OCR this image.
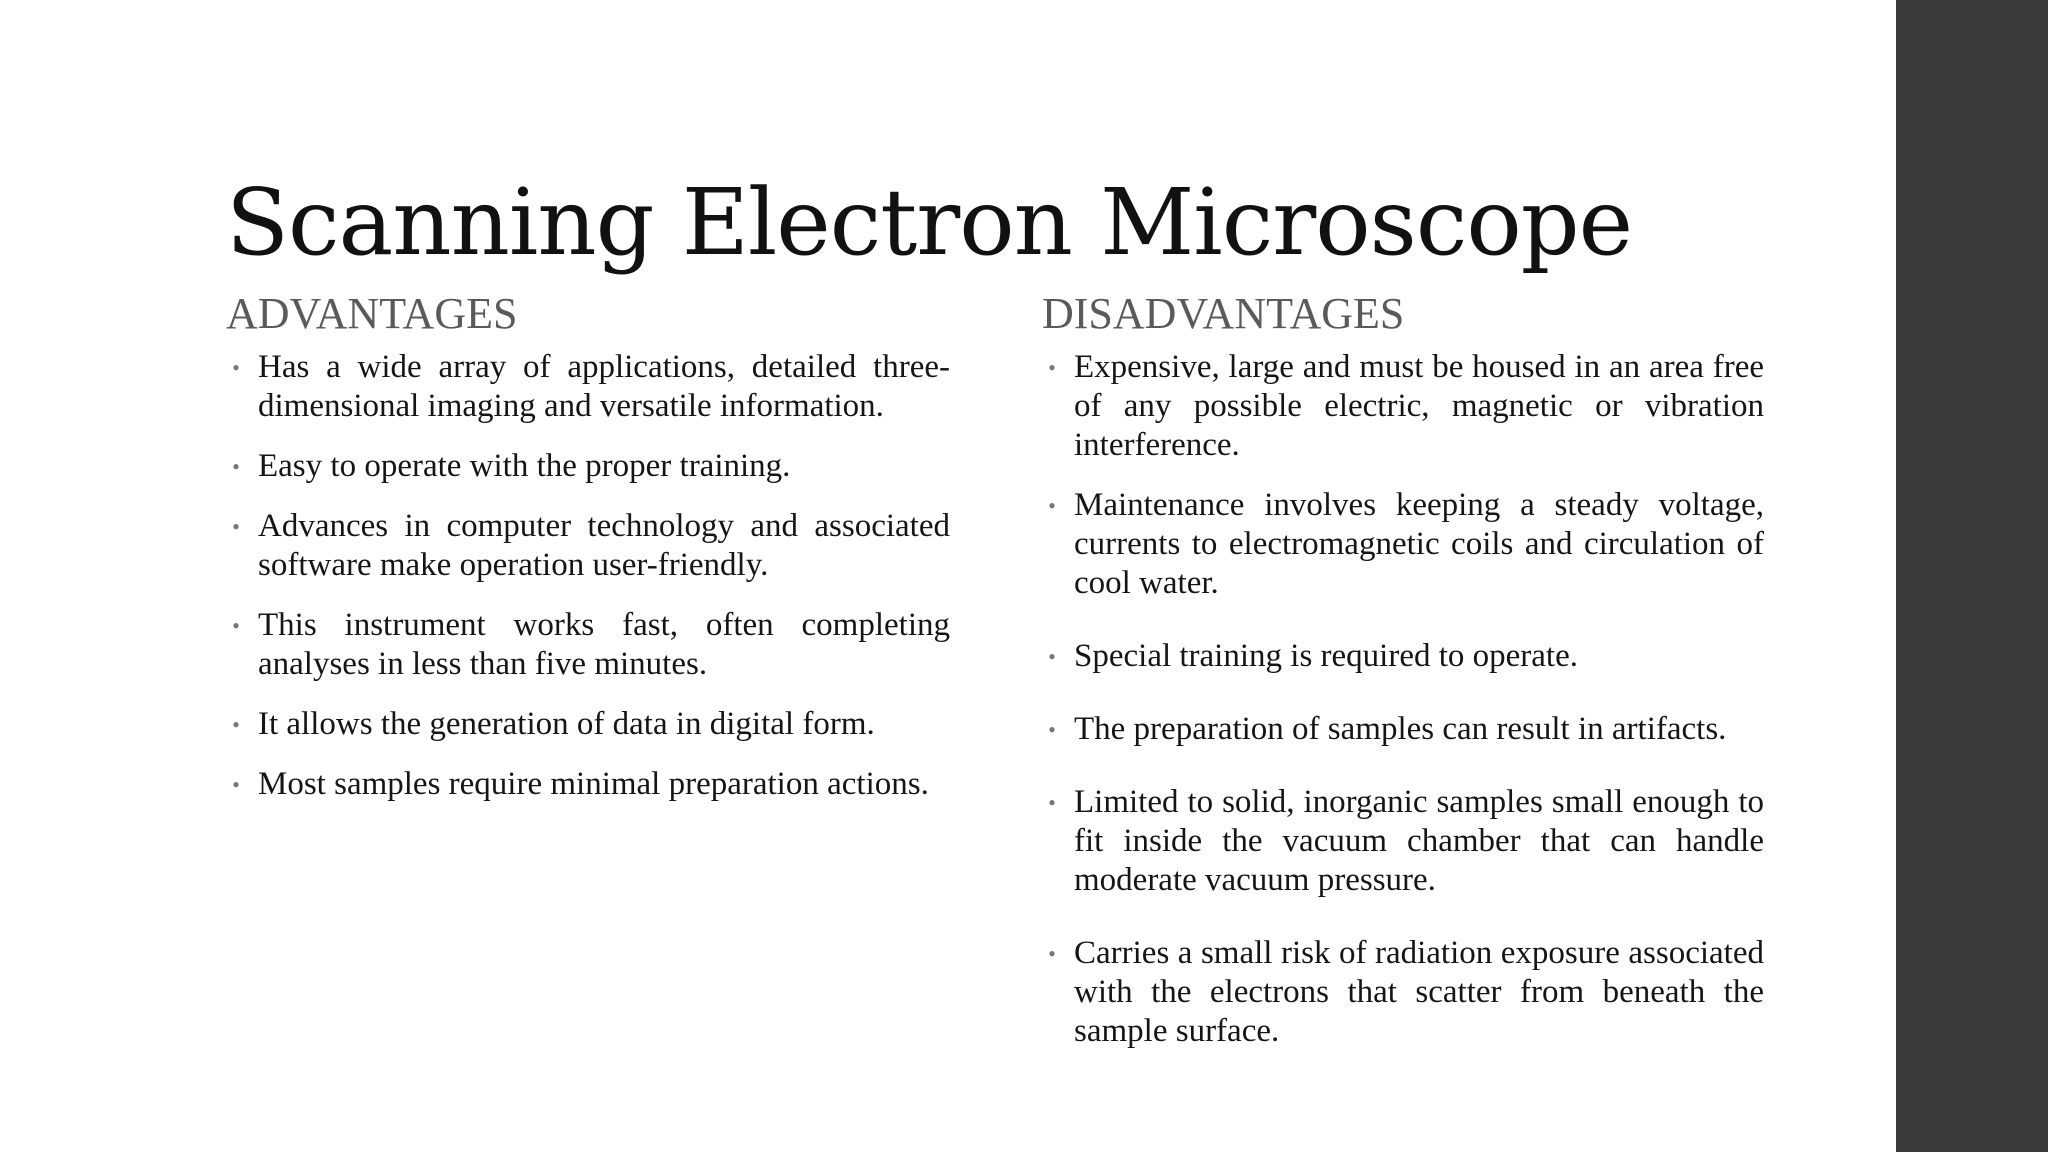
Scanning Electron Microscope
ADVANTAGES
• Has a wide array of applications, detailed three-dimensional imaging and versatile information.
• Easy to operate with the proper training.
• Advances in computer technology and associated software make operation user-friendly.
• This instrument works fast, often completing analyses in less than five minutes.
• It allows the generation of data in digital form.
• Most samples require minimal preparation actions.
DISADVANTAGES
• Expensive, large and must be housed in an area free of any possible electric, magnetic or vibration interference.
• Maintenance involves keeping a steady voltage, currents to electromagnetic coils and circulation of cool water.
• Special training is required to operate.
• The preparation of samples can result in artifacts.
• Limited to solid, inorganic samples small enough to fit inside the vacuum chamber that can handle moderate vacuum pressure.
• Carries a small risk of radiation exposure associated with the electrons that scatter from beneath the sample surface.
